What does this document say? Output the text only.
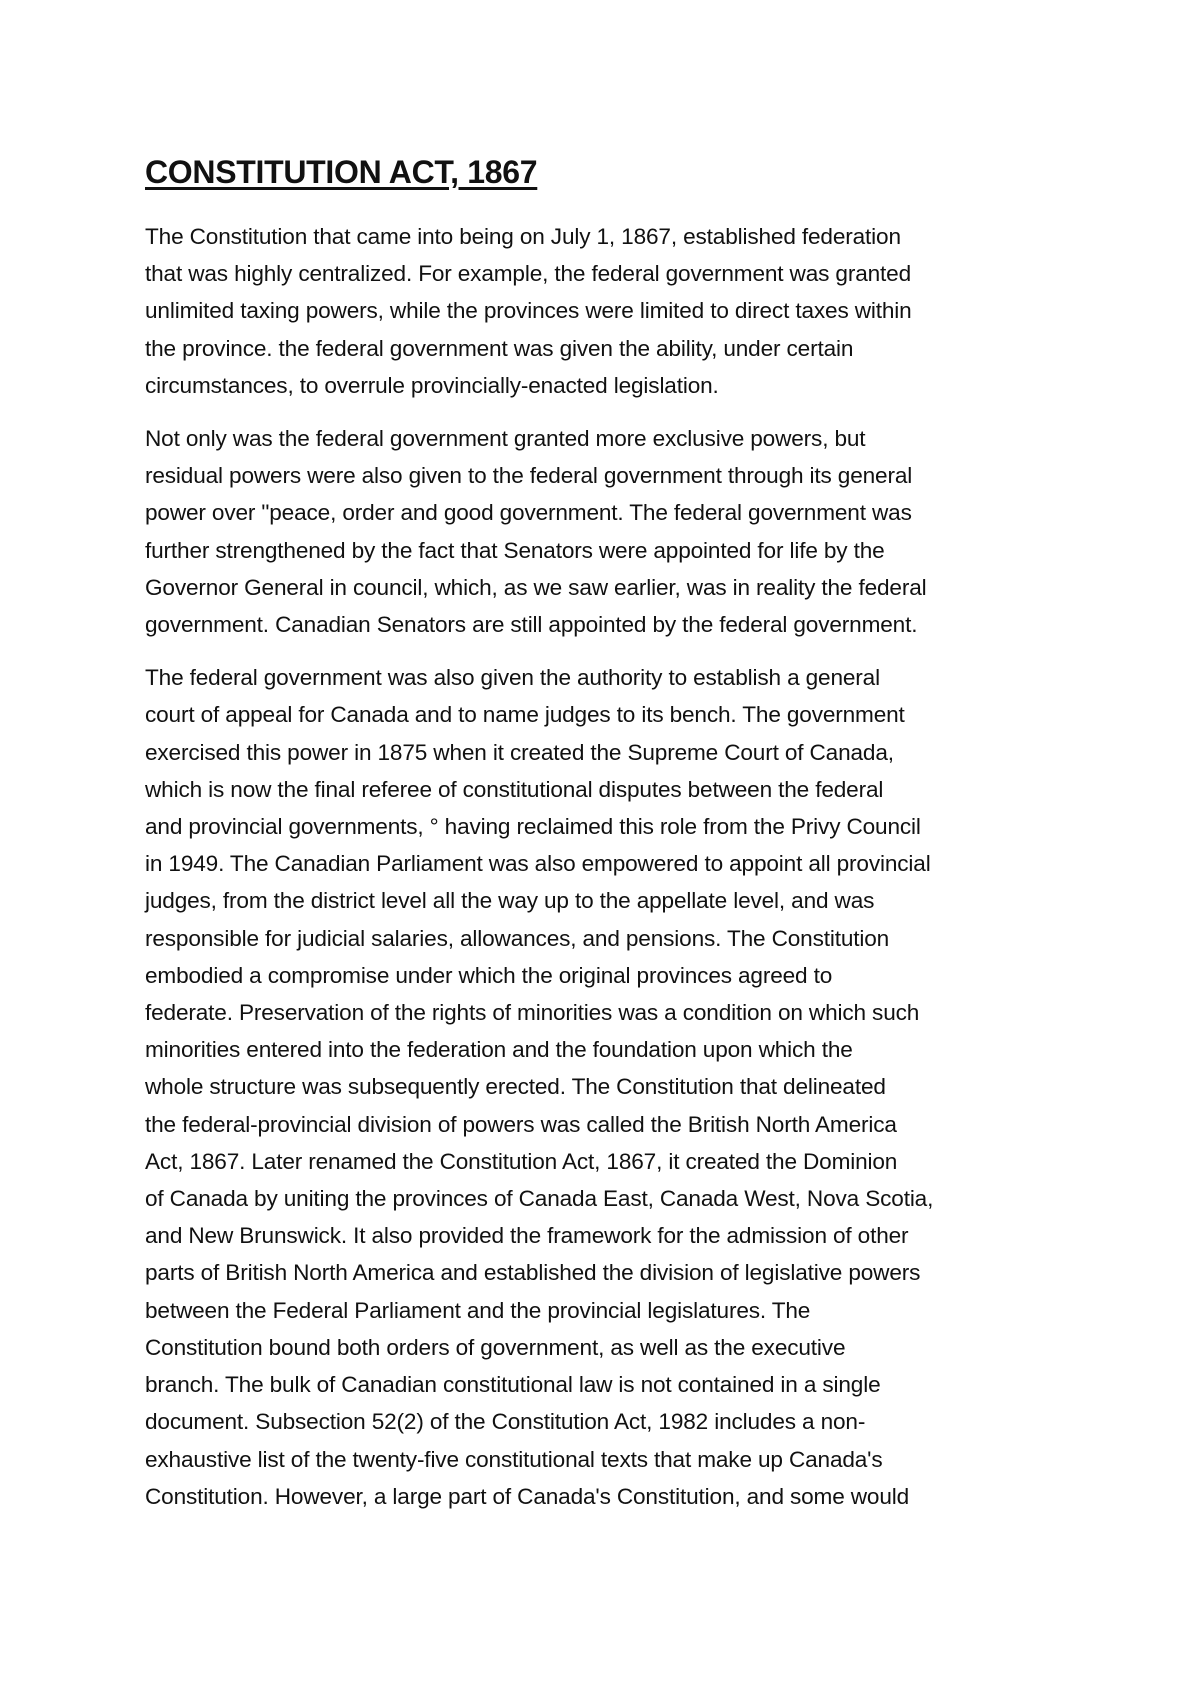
CONSTITUTION ACT, 1867

The Constitution that came into being on July 1, 1867, established federation
that was highly centralized. For example, the federal government was granted
unlimited taxing powers, while the provinces were limited to direct taxes within
the province. the federal government was given the ability, under certain
circumstances, to overrule provincially-enacted legislation.

Not only was the federal government granted more exclusive powers, but
residual powers were also given to the federal government through its general
power over "peace, order and good government. The federal government was
further strengthened by the fact that Senators were appointed for life by the
Governor General in council, which, as we saw earlier, was in reality the federal
government. Canadian Senators are still appointed by the federal government.

The federal government was also given the authority to establish a general
court of appeal for Canada and to name judges to its bench. The government
exercised this power in 1875 when it created the Supreme Court of Canada,
which is now the final referee of constitutional disputes between the federal
and provincial governments, ° having reclaimed this role from the Privy Council
in 1949. The Canadian Parliament was also empowered to appoint all provincial
judges, from the district level all the way up to the appellate level, and was
responsible for judicial salaries, allowances, and pensions. The Constitution
embodied a compromise under which the original provinces agreed to
federate. Preservation of the rights of minorities was a condition on which such
minorities entered into the federation and the foundation upon which the
whole structure was subsequently erected. The Constitution that delineated
the federal-provincial division of powers was called the British North America
Act, 1867. Later renamed the Constitution Act, 1867, it created the Dominion
of Canada by uniting the provinces of Canada East, Canada West, Nova Scotia,
and New Brunswick. It also provided the framework for the admission of other
parts of British North America and established the division of legislative powers
between the Federal Parliament and the provincial legislatures. The
Constitution bound both orders of government, as well as the executive
branch. The bulk of Canadian constitutional law is not contained in a single
document. Subsection 52(2) of the Constitution Act, 1982 includes a non-
exhaustive list of the twenty-five constitutional texts that make up Canada's
Constitution. However, a large part of Canada's Constitution, and some would
